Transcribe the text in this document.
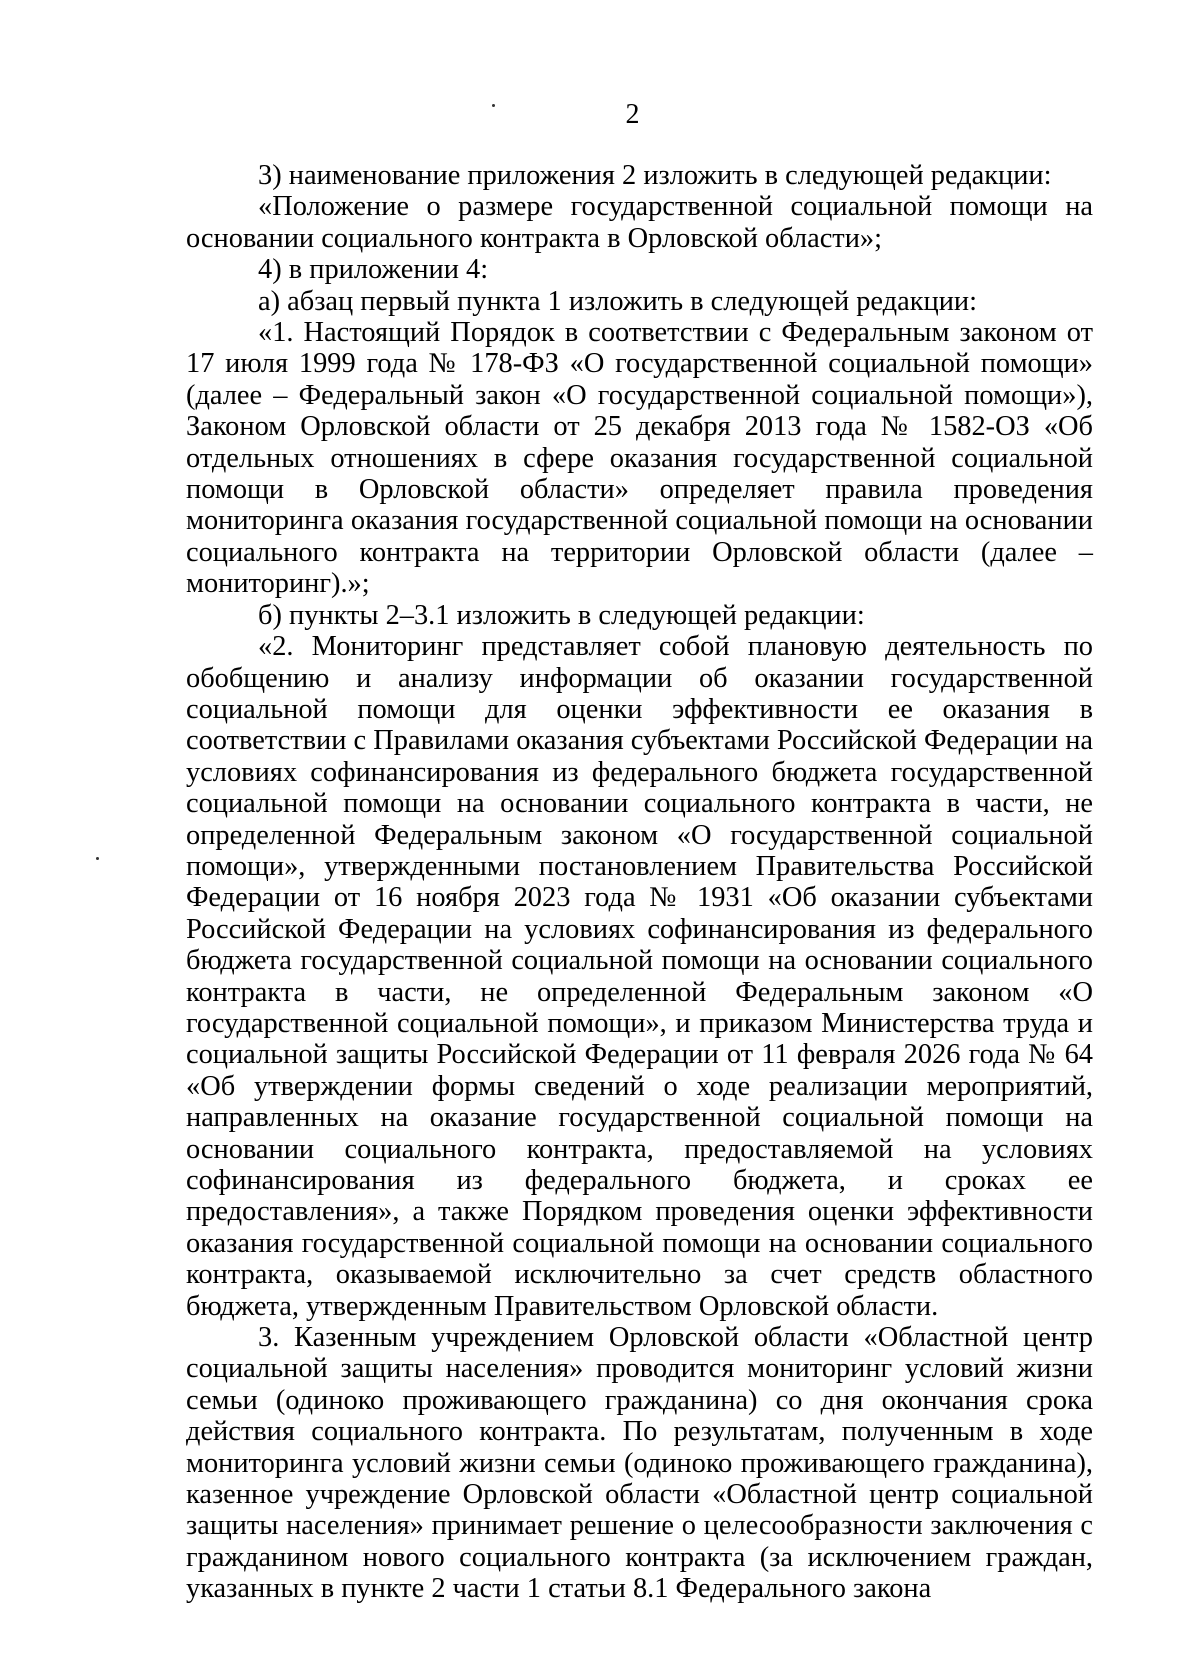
2

3) наименование приложения 2 изложить в следующей редакции:

«Положение о размере государственной социальной помощи на основании социального контракта в Орловской области»;

4) в приложении 4:

а) абзац первый пункта 1 изложить в следующей редакции:

«1. Настоящий Порядок в соответствии с Федеральным законом от 17 июля 1999 года № 178-ФЗ «О государственной социальной помощи» (далее – Федеральный закон «О государственной социальной помощи»), Законом Орловской области от 25 декабря 2013 года № 1582-ОЗ «Об отдельных отношениях в сфере оказания государственной социальной помощи в Орловской области» определяет правила проведения мониторинга оказания государственной социальной помощи на основании социального контракта на территории Орловской области (далее – мониторинг).»;

б) пункты 2–3.1 изложить в следующей редакции:

«2. Мониторинг представляет собой плановую деятельность по обобщению и анализу информации об оказании государственной социальной помощи для оценки эффективности ее оказания в соответствии с Правилами оказания субъектами Российской Федерации на условиях софинансирования из федерального бюджета государственной социальной помощи на основании социального контракта в части, не определенной Федеральным законом «О государственной социальной помощи», утвержденными постановлением Правительства Российской Федерации от 16 ноября 2023 года № 1931 «Об оказании субъектами Российской Федерации на условиях софинансирования из федерального бюджета государственной социальной помощи на основании социального контракта в части, не определенной Федеральным законом «О государственной социальной помощи», и приказом Министерства труда и социальной защиты Российской Федерации от 11 февраля 2026 года № 64 «Об утверждении формы сведений о ходе реализации мероприятий, направленных на оказание государственной социальной помощи на основании социального контракта, предоставляемой на условиях софинансирования из федерального бюджета, и сроках ее предоставления», а также Порядком проведения оценки эффективности оказания государственной социальной помощи на основании социального контракта, оказываемой исключительно за счет средств областного бюджета, утвержденным Правительством Орловской области.

3. Казенным учреждением Орловской области «Областной центр социальной защиты населения» проводится мониторинг условий жизни семьи (одиноко проживающего гражданина) со дня окончания срока действия социального контракта. По результатам, полученным в ходе мониторинга условий жизни семьи (одиноко проживающего гражданина), казенное учреждение Орловской области «Областной центр социальной защиты населения» принимает решение о целесообразности заключения с гражданином нового социального контракта (за исключением граждан, указанных в пункте 2 части 1 статьи 8.1 Федерального закона
